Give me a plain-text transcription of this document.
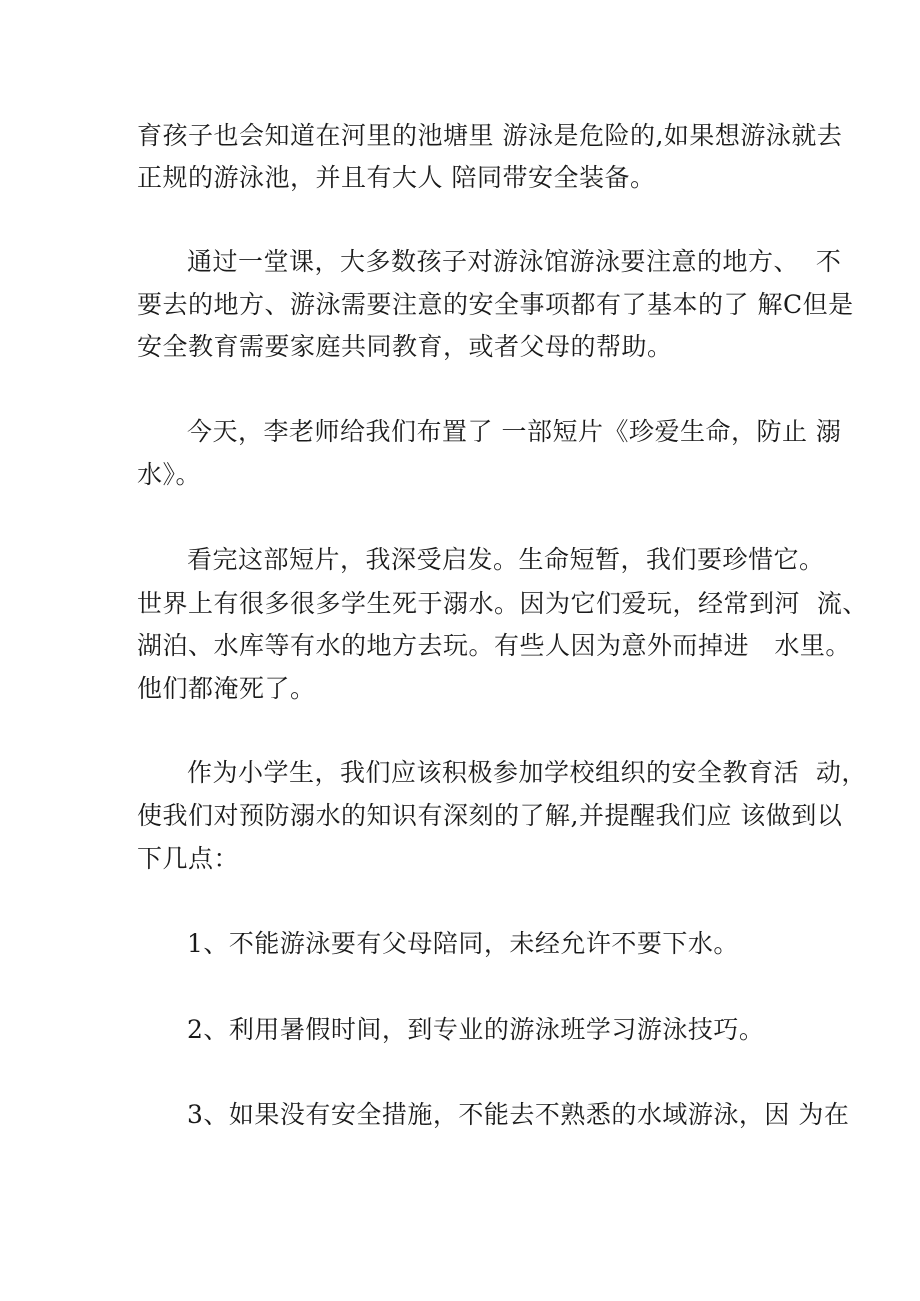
育孩子也会知道在河里的池塘里 游泳是危险的,如果想游泳就去
正规的游泳池，并且有大人 陪同带安全装备。
通过一堂课，大多数孩子对游泳馆游泳要注意的地方、  不
要去的地方、游泳需要注意的安全事项都有了基本的了 解C但是
安全教育需要家庭共同教育，或者父母的帮助。
今天，李老师给我们布置了 一部短片《珍爱生命，防止 溺
水》。
看完这部短片，我深受启发。生命短暂，我们要珍惜它。
世界上有很多很多学生死于溺水。因为它们爱玩，经常到河  流、
湖泊、水库等有水的地方去玩。有些人因为意外而掉进   水里。
他们都淹死了。
作为小学生，我们应该积极参加学校组织的安全教育活  动，
使我们对预防溺水的知识有深刻的了解,并提醒我们应 该做到以
下几点：
1、不能游泳要有父母陪同，未经允许不要下水。
2、利用暑假时间，到专业的游泳班学习游泳技巧。
3、如果没有安全措施，不能去不熟悉的水域游泳，因 为在
